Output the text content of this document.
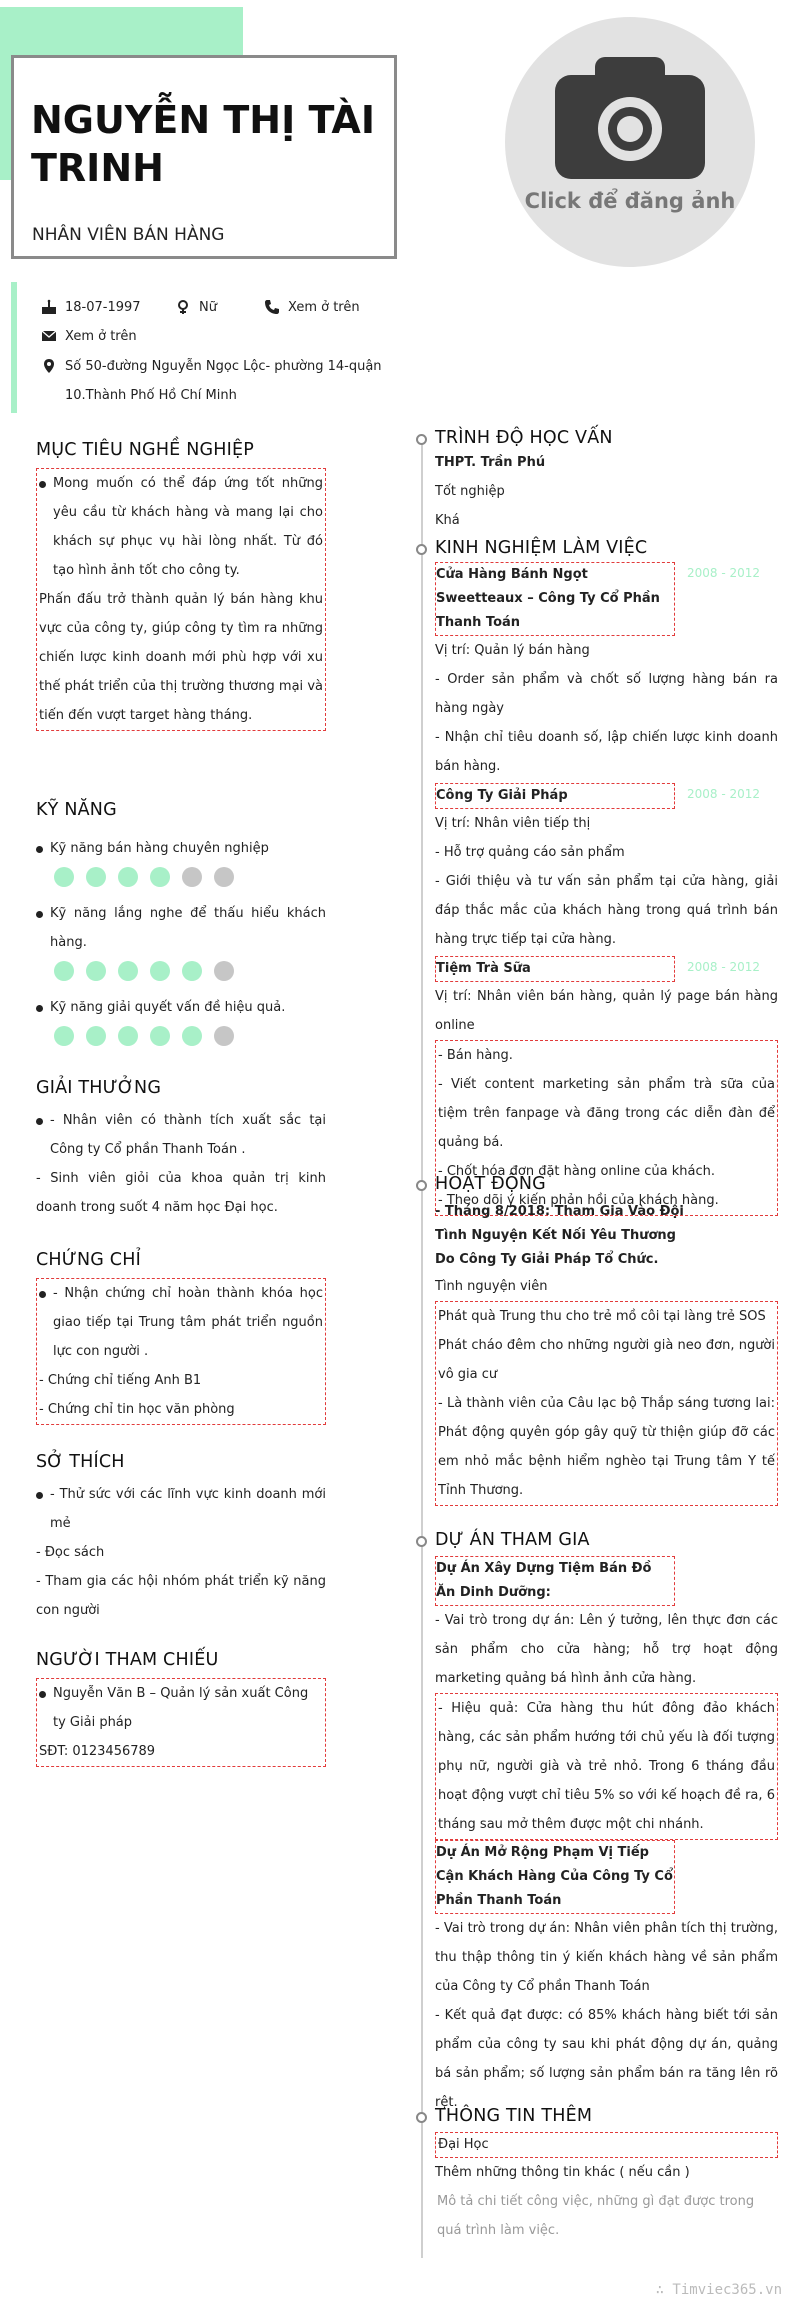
NGUYỄN THỊ TÀI TRINH
NHÂN VIÊN BÁN HÀNG
Click để đăng ảnh
18-07-1997	Nữ	Xem ở trên
Xem ở trên
Số 50-đường Nguyễn Ngọc Lộc- phường 14-quận
10.Thành Phố Hồ Chí Minh
MỤC TIÊU NGHỀ NGHIỆP
Mong muốn có thể đáp ứng tốt những yêu cầu từ khách hàng và mang lại cho khách sự phục vụ hài lòng nhất. Từ đó tạo hình ảnh tốt cho công ty.
Phấn đấu trở thành quản lý bán hàng khu vực của công ty, giúp công ty tìm ra những chiến lược kinh doanh mới phù hợp với xu thế phát triển của thị trường thương mại và tiến đến vượt target hàng tháng.
KỸ NĂNG
Kỹ năng bán hàng chuyên nghiệp
Kỹ năng lắng nghe để thấu hiểu khách hàng.
Kỹ năng giải quyết vấn đề hiệu quả.
GIẢI THƯỞNG
- Nhân viên có thành tích xuất sắc tại Công ty Cổ phần Thanh Toán .
- Sinh viên giỏi của khoa quản trị kinh doanh trong suốt 4 năm học Đại học.
CHỨNG CHỈ
- Nhận chứng chỉ hoàn thành khóa học giao tiếp tại Trung tâm phát triển nguồn lực con người .
- Chứng chỉ tiếng Anh B1
- Chứng chỉ tin học văn phòng
SỞ THÍCH
- Thử sức với các lĩnh vực kinh doanh mới mẻ
- Đọc sách
- Tham gia các hội nhóm phát triển kỹ năng con người
NGƯỜI THAM CHIẾU
Nguyễn Văn B – Quản lý sản xuất Công ty Giải pháp
SĐT: 0123456789
TRÌNH ĐỘ HỌC VẤN
THPT. Trần Phú
Tốt nghiệp
Khá
KINH NGHIỆM LÀM VIỆC
Cửa Hàng Bánh Ngọt Sweetteaux – Công Ty Cổ Phần Thanh Toán
2008 - 2012
Vị trí: Quản lý bán hàng
- Order sản phẩm và chốt số lượng hàng bán ra hàng ngày
- Nhận chỉ tiêu doanh số, lập chiến lược kinh doanh bán hàng.
Công Ty Giải Pháp	2008 - 2012
Vị trí: Nhân viên tiếp thị
- Hỗ trợ quảng cáo sản phẩm
- Giới thiệu và tư vấn sản phẩm tại cửa hàng, giải đáp thắc mắc của khách hàng trong quá trình bán hàng trực tiếp tại cửa hàng.
Tiệm Trà Sữa	2008 - 2012
Vị trí: Nhân viên bán hàng, quản lý page bán hàng online
- Bán hàng.
- Viết content marketing sản phẩm trà sữa của tiệm trên fanpage và đăng trong các diễn đàn để quảng bá.
- Chốt hóa đơn đặt hàng online của khách.
- Theo dõi ý kiến phản hồi của khách hàng.
HOẠT ĐỘNG
- Tháng 8/2018: Tham Gia Vào Đội Tình Nguyện Kết Nối Yêu Thương Do Công Ty Giải Pháp Tổ Chức.
Tình nguyện viên
Phát quà Trung thu cho trẻ mồ côi tại làng trẻ SOS
Phát cháo đêm cho những người già neo đơn, người vô gia cư
- Là thành viên của Câu lạc bộ Thắp sáng tương lai: Phát động quyên góp gây quỹ từ thiện giúp đỡ các em nhỏ mắc bệnh hiểm nghèo tại Trung tâm Y tế Tỉnh Thương.
DỰ ÁN THAM GIA
Dự Án Xây Dựng Tiệm Bán Đồ Ăn Dinh Dưỡng:
- Vai trò trong dự án: Lên ý tưởng, lên thực đơn các sản phẩm cho cửa hàng; hỗ trợ hoạt động marketing quảng bá hình ảnh cửa hàng.
- Hiệu quả: Cửa hàng thu hút đông đảo khách hàng, các sản phẩm hướng tới chủ yếu là đối tượng phụ nữ, người già và trẻ nhỏ. Trong 6 tháng đầu hoạt động vượt chỉ tiêu 5% so với kế hoạch đề ra, 6 tháng sau mở thêm được một chi nhánh.
Dự Án Mở Rộng Phạm Vị Tiếp Cận Khách Hàng Của Công Ty Cổ Phần Thanh Toán
- Vai trò trong dự án: Nhân viên phân tích thị trường, thu thập thông tin ý kiến khách hàng về sản phẩm của Công ty Cổ phần Thanh Toán
- Kết quả đạt được: có 85% khách hàng biết tới sản phẩm của công ty sau khi phát động dự án, quảng bá sản phẩm; số lượng sản phẩm bán ra tăng lên rõ rệt.
THÔNG TIN THÊM
Đại Học
Thêm những thông tin khác ( nếu cần )
Mô tả chi tiết công việc, những gì đạt được trong quá trình làm việc.
∴ Timviec365.vn
